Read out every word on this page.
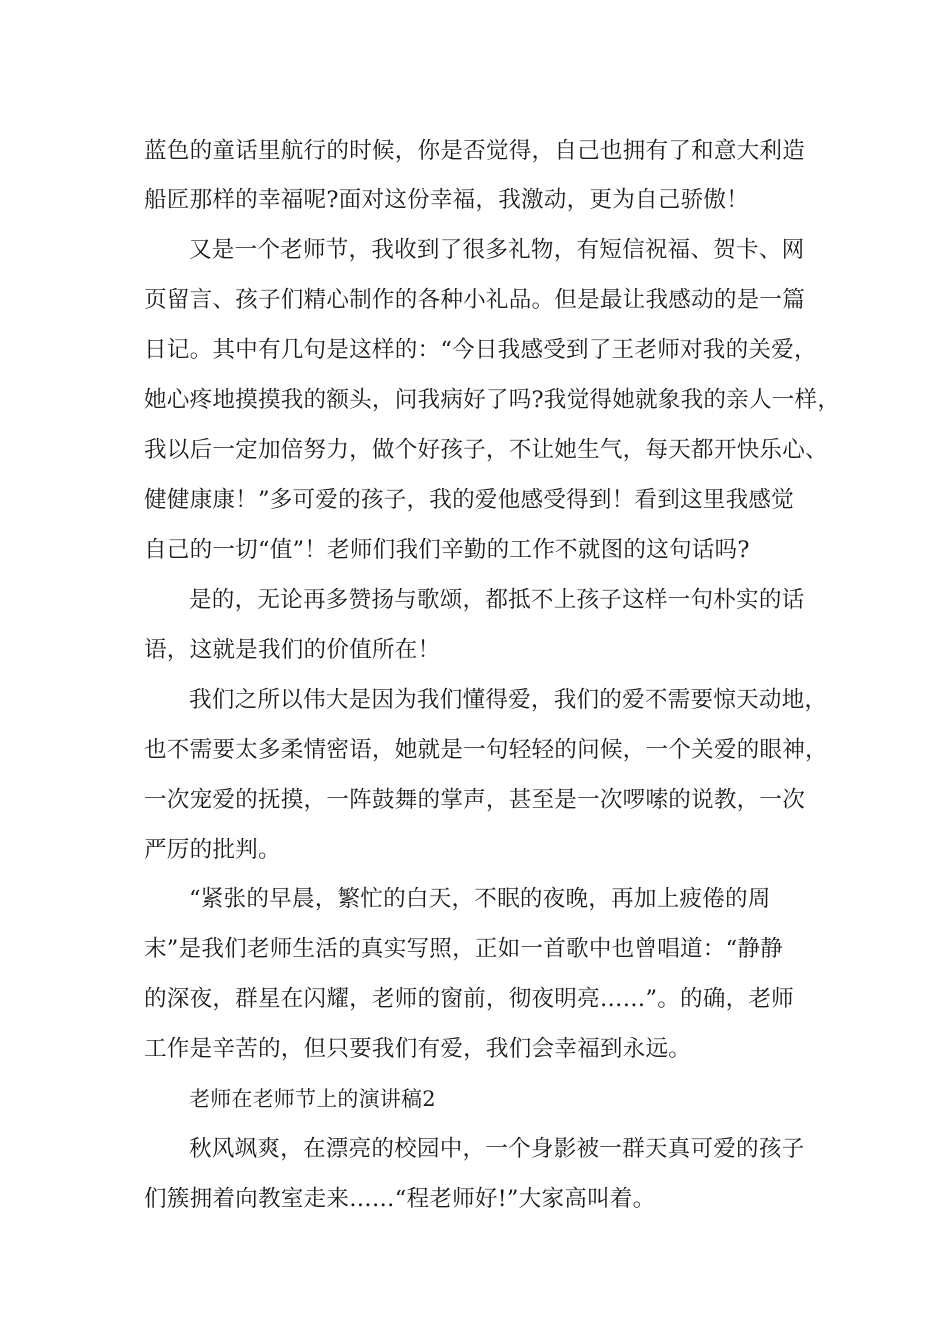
蓝色的童话里航行的时候，你是否觉得，自己也拥有了和意大利造
船匠那样的幸福呢?面对这份幸福，我激动，更为自己骄傲！
又是一个老师节，我收到了很多礼物，有短信祝福、贺卡、网
页留言、孩子们精心制作的各种小礼品。但是最让我感动的是一篇
日记。其中有几句是这样的：“今日我感受到了王老师对我的关爱，
她心疼地摸摸我的额头，问我病好了吗?我觉得她就象我的亲人一样，
我以后一定加倍努力，做个好孩子，不让她生气，每天都开快乐心、
健健康康！”多可爱的孩子，我的爱他感受得到！看到这里我感觉
自己的一切“值”！老师们我们辛勤的工作不就图的这句话吗?
是的，无论再多赞扬与歌颂，都抵不上孩子这样一句朴实的话
语，这就是我们的价值所在！
我们之所以伟大是因为我们懂得爱，我们的爱不需要惊天动地，
也不需要太多柔情密语，她就是一句轻轻的问候，一个关爱的眼神，
一次宠爱的抚摸，一阵鼓舞的掌声，甚至是一次啰嗦的说教，一次
严厉的批判。
“紧张的早晨，繁忙的白天，不眠的夜晚，再加上疲倦的周
末”是我们老师生活的真实写照，正如一首歌中也曾唱道：“静静
的深夜，群星在闪耀，老师的窗前，彻夜明亮……”。的确，老师
工作是辛苦的，但只要我们有爱，我们会幸福到永远。
老师在老师节上的演讲稿2
秋风飒爽，在漂亮的校园中，一个身影被一群天真可爱的孩子
们簇拥着向教室走来……“程老师好!”大家高叫着。
